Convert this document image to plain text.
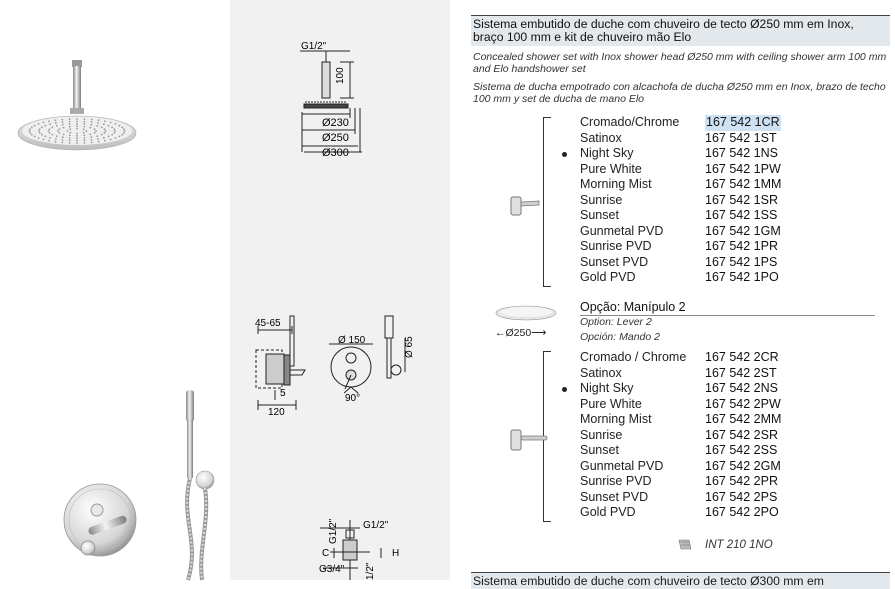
G1/2"
100
Ø230
Ø250
Ø300
45-65
5
120
Ø 150
90°
Ø 65
G1/2" G1/2"
C	H
G3/4" 1/2"
Sistema embutido de duche com chuveiro de tecto Ø250 mm em Inox, braço 100 mm e kit de chuveiro mão Elo
Concealed shower set with Inox shower head Ø250 mm with ceiling shower arm 100 mm and Elo handshower set
Sistema de ducha empotrado con alcachofa de ducha Ø250 mm en Inox, brazo de techo 100 mm y set de ducha de mano Elo
Cromado/Chrome 167 542 1CR
Satinox	167 542 1ST
Night Sky	167 542 1NS
Pure White	167 542 1PW
Morning Mist	167 542 1MM
Sunrise	167 542 1SR
Sunset	167 542 1SS
Gunmetal PVD	167 542 1GM
Sunrise PVD	167 542 1PR
Sunset PVD	167 542 1PS
Gold PVD	167 542 1PO
←Ø250⟶
Opção: Manípulo 2
Option: Lever 2
Opción: Mando 2
Cromado / Chrome 167 542 2CR
Satinox	167 542 2ST
Night Sky	167 542 2NS
Pure White	167 542 2PW
Morning Mist	167 542 2MM
Sunrise	167 542 2SR
Sunset	167 542 2SS
Gunmetal PVD	167 542 2GM
Sunrise PVD	167 542 2PR
Sunset PVD	167 542 2PS
Gold PVD	167 542 2PO
INT 210 1NO
Sistema embutido de duche com chuveiro de tecto Ø300 mm em
